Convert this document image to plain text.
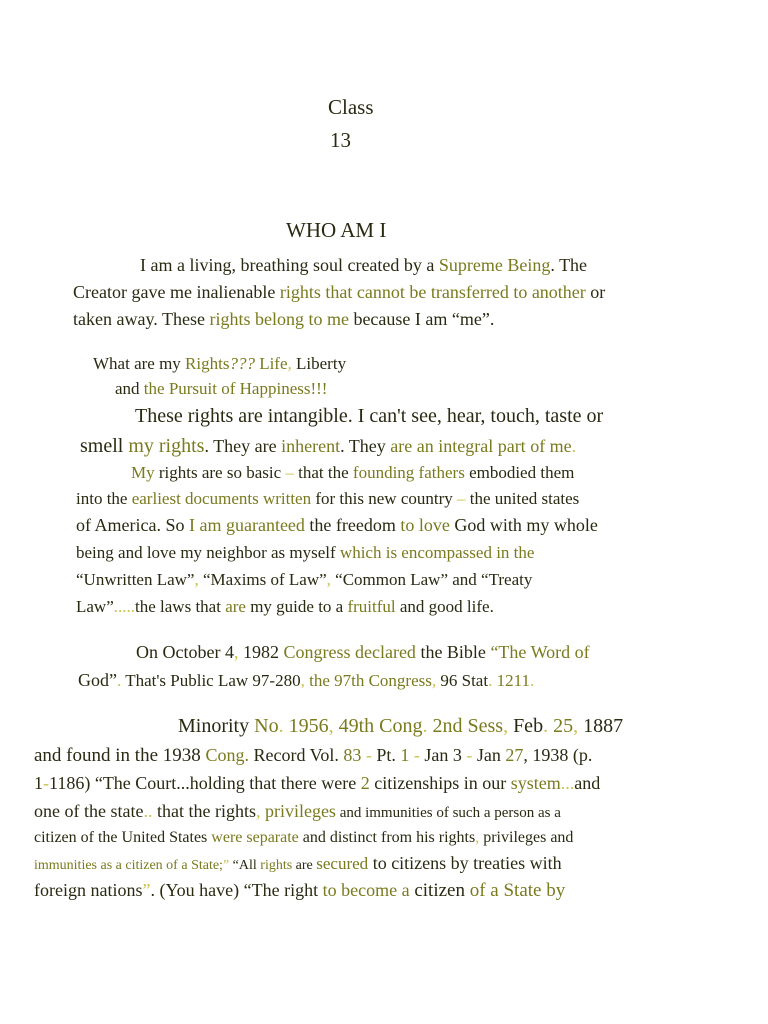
Class
13
WHO AM I
I am a living, breathing soul created by a Supreme Being. The
Creator gave me inalienable rights that cannot be transferred to another or
taken away. These rights belong to me because I am “me”.
What are my Rights??? Life, Liberty
and the Pursuit of Happiness!!!
These rights are intangible. I can't see, hear, touch, taste or
smell my rights. They are inherent. They are an integral part of me.
My rights are so basic – that the founding fathers embodied them
into the earliest documents written for this new country – the united states
of America. So I am guaranteed the freedom to love God with my whole
being and love my neighbor as myself which is encompassed in the
“Unwritten Law”, “Maxims of Law”, “Common Law” and “Treaty
Law”.....the laws that are my guide to a fruitful and good life.
On October 4, 1982 Congress declared the Bible “The Word of
God”. That's Public Law 97-280, the 97th Congress, 96 Stat. 1211.
Minority No. 1956, 49th Cong. 2nd Sess, Feb. 25, 1887
and found in the 1938 Cong. Record Vol. 83 - Pt. 1 - Jan 3 - Jan 27, 1938 (p.
1-1186) “The Court...holding that there were 2 citizenships in our system...and
one of the state.. that the rights, privileges and immunities of such a person as a
citizen of the United States were separate and distinct from his rights, privileges and
immunities as a citizen of a State;” “All rights are secured to citizens by treaties with
foreign nations”. (You have) “The right to become a citizen of a State by
